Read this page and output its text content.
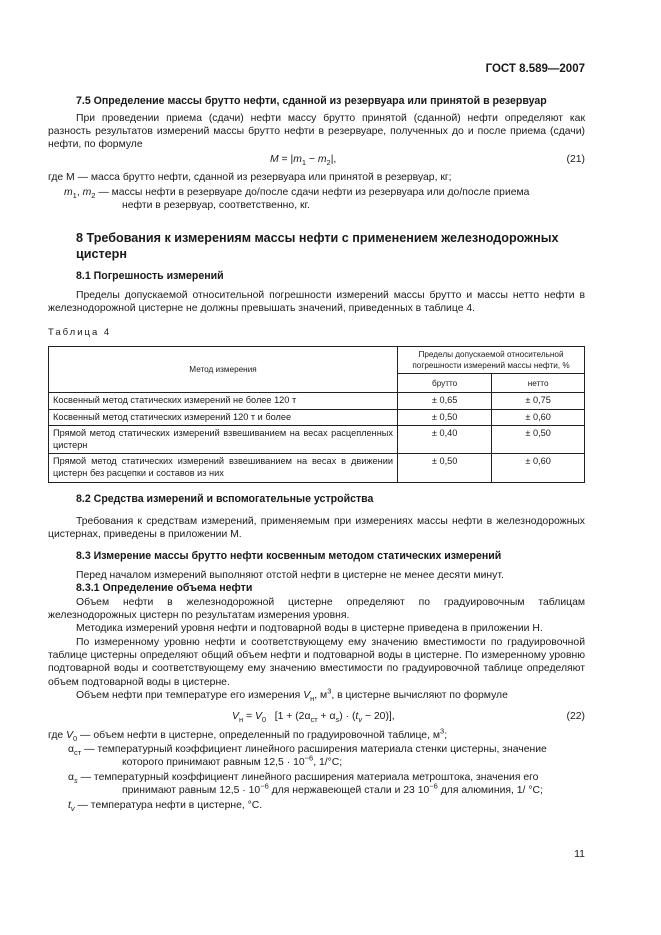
ГОСТ 8.589—2007
7.5 Определение массы брутто нефти, сданной из резервуара или принятой в резервуар
При проведении приема (сдачи) нефти массу брутто принятой (сданной) нефти определяют как разность результатов измерений массы брутто нефти в резервуаре, полученных до и после приема (сдачи) нефти, по формуле
$M = |m_1 - m_2|$,	(21)
где M — масса брутто нефти, сданной из резервуара или принятой в резервуар, кг;
$m_1$, $m_2$ — массы нефти в резервуаре до/после сдачи нефти из резервуара или до/после приема
нефти в резервуар, соответственно, кг.
8 Требования к измерениям массы нефти с применением железнодорожных
цистерн
8.1 Погрешность измерений
Пределы допускаемой относительной погрешности измерений массы брутто и массы нетто нефти в железнодорожной цистерне не должны превышать значений, приведенных в таблице 4.
Таблица 4
Метод измерения	Пределы допускаемой относительной погрешности измерений массы нефти, %	
	брутто	нетто
Косвенный метод статических измерений не более 120 т	± 0,65	± 0,75
Косвенный метод статических измерений 120 т и более	± 0,50	± 0,60
Прямой метод статических измерений взвешиванием на весах расцепленных цистерн	± 0,40	± 0,50
Прямой метод статических измерений взвешиванием на весах в движении цистерн без расцепки и составов из них	± 0,50	± 0,60
8.2 Средства измерений и вспомогательные устройства
Требования к средствам измерений, применяемым при измерениях массы нефти в железнодорожных цистернах, приведены в приложении М.
8.3 Измерение массы брутто нефти косвенным методом статических измерений
Перед началом измерений выполняют отстой нефти в цистерне не менее десяти минут.
8.3.1 Определение объема нефти
Объем нефти в железнодорожной цистерне определяют по градуировочным таблицам железнодорожных цистерн по результатам измерения уровня.
Методика измерений уровня нефти и подтоварной воды в цистерне приведена в приложении Н.
По измеренному уровню нефти и соответствующему ему значению вместимости по градуировочной таблице цистерны определяют общий объем нефти и подтоварной воды в цистерне. По измеренному уровню подтоварной воды и соответствующему ему значению вместимости по градуировочной таблице определяют объем подтоварной воды в цистерне.
Объем нефти при температуре его измерения $V_н$, $м^3$, в цистерне вычисляют по формуле
$V_н = V_0$   $[1 + (2\alpha_{ст} + \alpha_s) \cdot (t_v - 20)]$,	(22)
где $V_0$ — объем нефти в цистерне, определенный по градуировочной таблице, $м^3$;
$\alpha_{ст}$ — температурный коэффициент линейного расширения материала стенки цистерны, значение
которого принимают равным $12,5 \cdot 10^{-6}$, 1/°С;
$\alpha_s$ — температурный коэффициент линейного расширения материала метроштока, значения его
принимают равным $12,5 \cdot 10^{-6}$ для нержавеющей стали и 23 $10^{-6}$ для алюминия, 1/ °С;
$t_v$ — температура нефти в цистерне, °С.
11
